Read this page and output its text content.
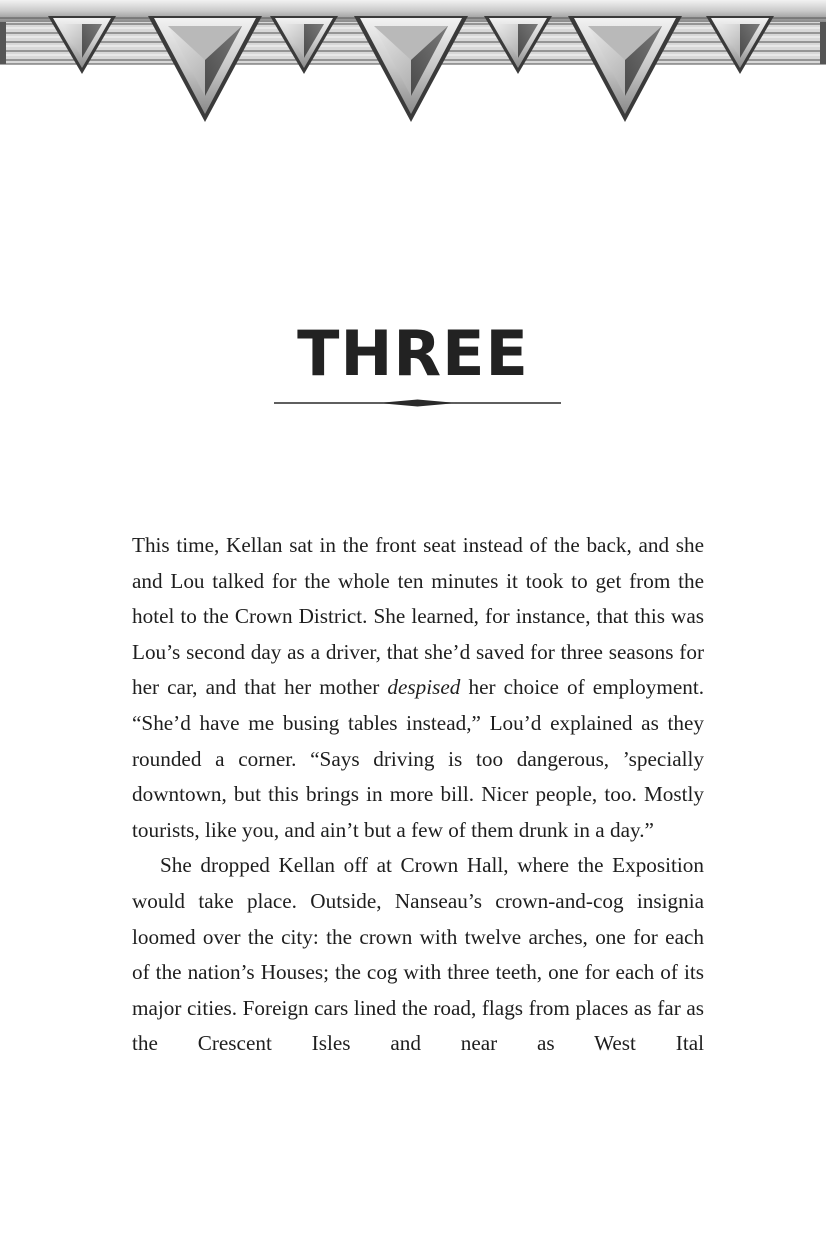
THREE

This time, Kellan sat in the front seat instead of the back, and she and Lou talked for the whole ten minutes it took to get from the hotel to the Crown District. She learned, for instance, that this was Lou’s second day as a driver, that she’d saved for three seasons for her car, and that her mother despised her choice of employment. “She’d have me busing tables instead,” Lou’d explained as they rounded a corner. “Says driving is too dangerous, ’specially downtown, but this brings in more bill. Nicer people, too. Mostly tourists, like you, and ain’t but a few of them drunk in a day.”

She dropped Kellan off at Crown Hall, where the Exposition would take place. Outside, Nanseau’s crown-and-cog insignia loomed over the city: the crown with twelve arches, one for each of the nation’s Houses; the cog with three teeth, one for each of its major cities. Foreign cars lined the road, flags from places as far as the Crescent Isles and near as West Ital
